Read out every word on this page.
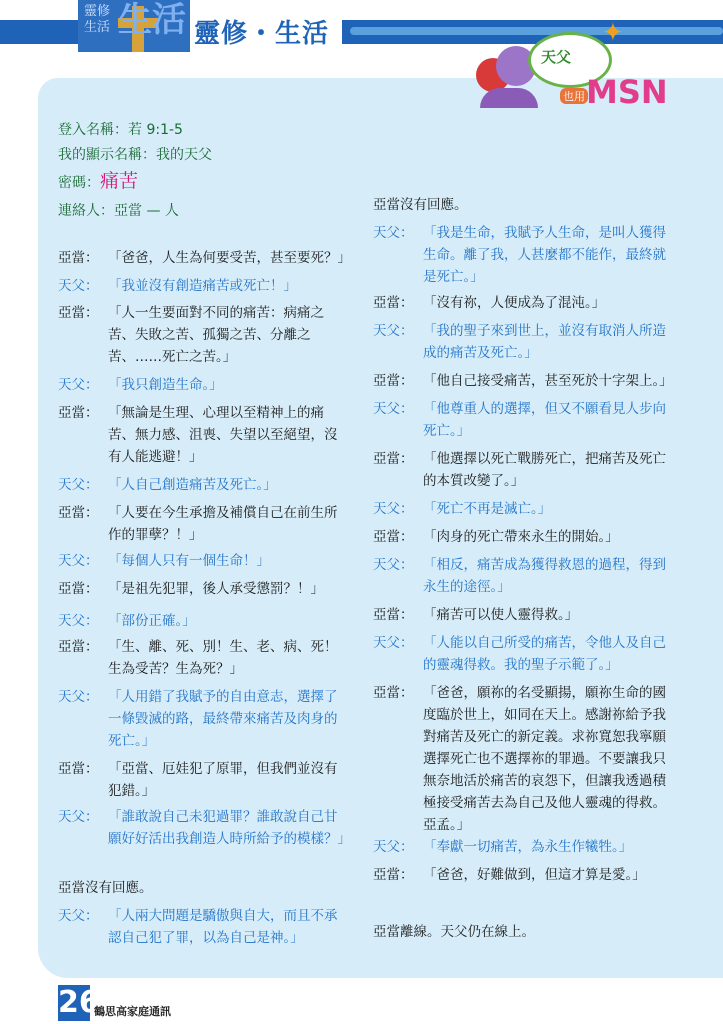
靈修 生活 生活 靈修・生活
天父
也用 MSN
✦
登入名稱：若 9:1-5
我的顯示名稱：我的天父
密碼：痛苦
連絡人：亞當 — 人
亞當： 「爸爸，人生為何要受苦，甚至要死？」
天父： 「我並沒有創造痛苦或死亡！」
亞當： 「人一生要面對不同的痛苦：病痛之苦、失敗之苦、孤獨之苦、分離之苦、……死亡之苦。」
天父： 「我只創造生命。」
亞當： 「無論是生理、心理以至精神上的痛苦、無力感、沮喪、失望以至絕望，沒有人能逃避！」
天父： 「人自己創造痛苦及死亡。」
亞當： 「人要在今生承擔及補償自己在前生所作的罪孽？！」
天父： 「每個人只有一個生命！」
亞當： 「是祖先犯罪，後人承受懲罰？！」
天父： 「部份正確。」
亞當： 「生、離、死、別！生、老、病、死！生為受苦？生為死？」
天父： 「人用錯了我賦予的自由意志，選擇了一條毀滅的路，最終帶來痛苦及肉身的死亡。」
亞當： 「亞當、厄娃犯了原罪，但我們並沒有犯錯。」
天父： 「誰敢說自己未犯過罪？誰敢說自己甘願好好活出我創造人時所給予的模樣？」
亞當沒有回應。
天父： 「人兩大問題是驕傲與自大，而且不承認自己犯了罪，以為自己是神。」
亞當沒有回應。
天父： 「我是生命，我賦予人生命，是叫人獲得生命。離了我，人甚麼都不能作，最終就是死亡。」
亞當： 「沒有祢，人便成為了混沌。」
天父： 「我的聖子來到世上，並沒有取消人所造成的痛苦及死亡。」
亞當： 「他自己接受痛苦，甚至死於十字架上。」
天父： 「他尊重人的選擇，但又不願看見人步向死亡。」
亞當： 「他選擇以死亡戰勝死亡，把痛苦及死亡的本質改變了。」
天父： 「死亡不再是滅亡。」
亞當： 「肉身的死亡帶來永生的開始。」
天父： 「相反，痛苦成為獲得救恩的過程，得到永生的途徑。」
亞當： 「痛苦可以使人靈得救。」
天父： 「人能以自己所受的痛苦，令他人及自己的靈魂得救。我的聖子示範了。」
亞當： 「爸爸，願祢的名受顯揚，願祢生命的國度臨於世上，如同在天上。感謝祢給予我對痛苦及死亡的新定義。求祢寬恕我寧願選擇死亡也不選擇祢的罪過。不要讓我只無奈地活於痛苦的哀怨下，但讓我透過積極接受痛苦去為自己及他人靈魂的得救。亞孟。」
天父： 「奉獻一切痛苦，為永生作犧牲。」
亞當： 「爸爸，好難做到，但這才算是愛。」
亞當離線。天父仍在線上。
26
鶴思高家庭通訊
